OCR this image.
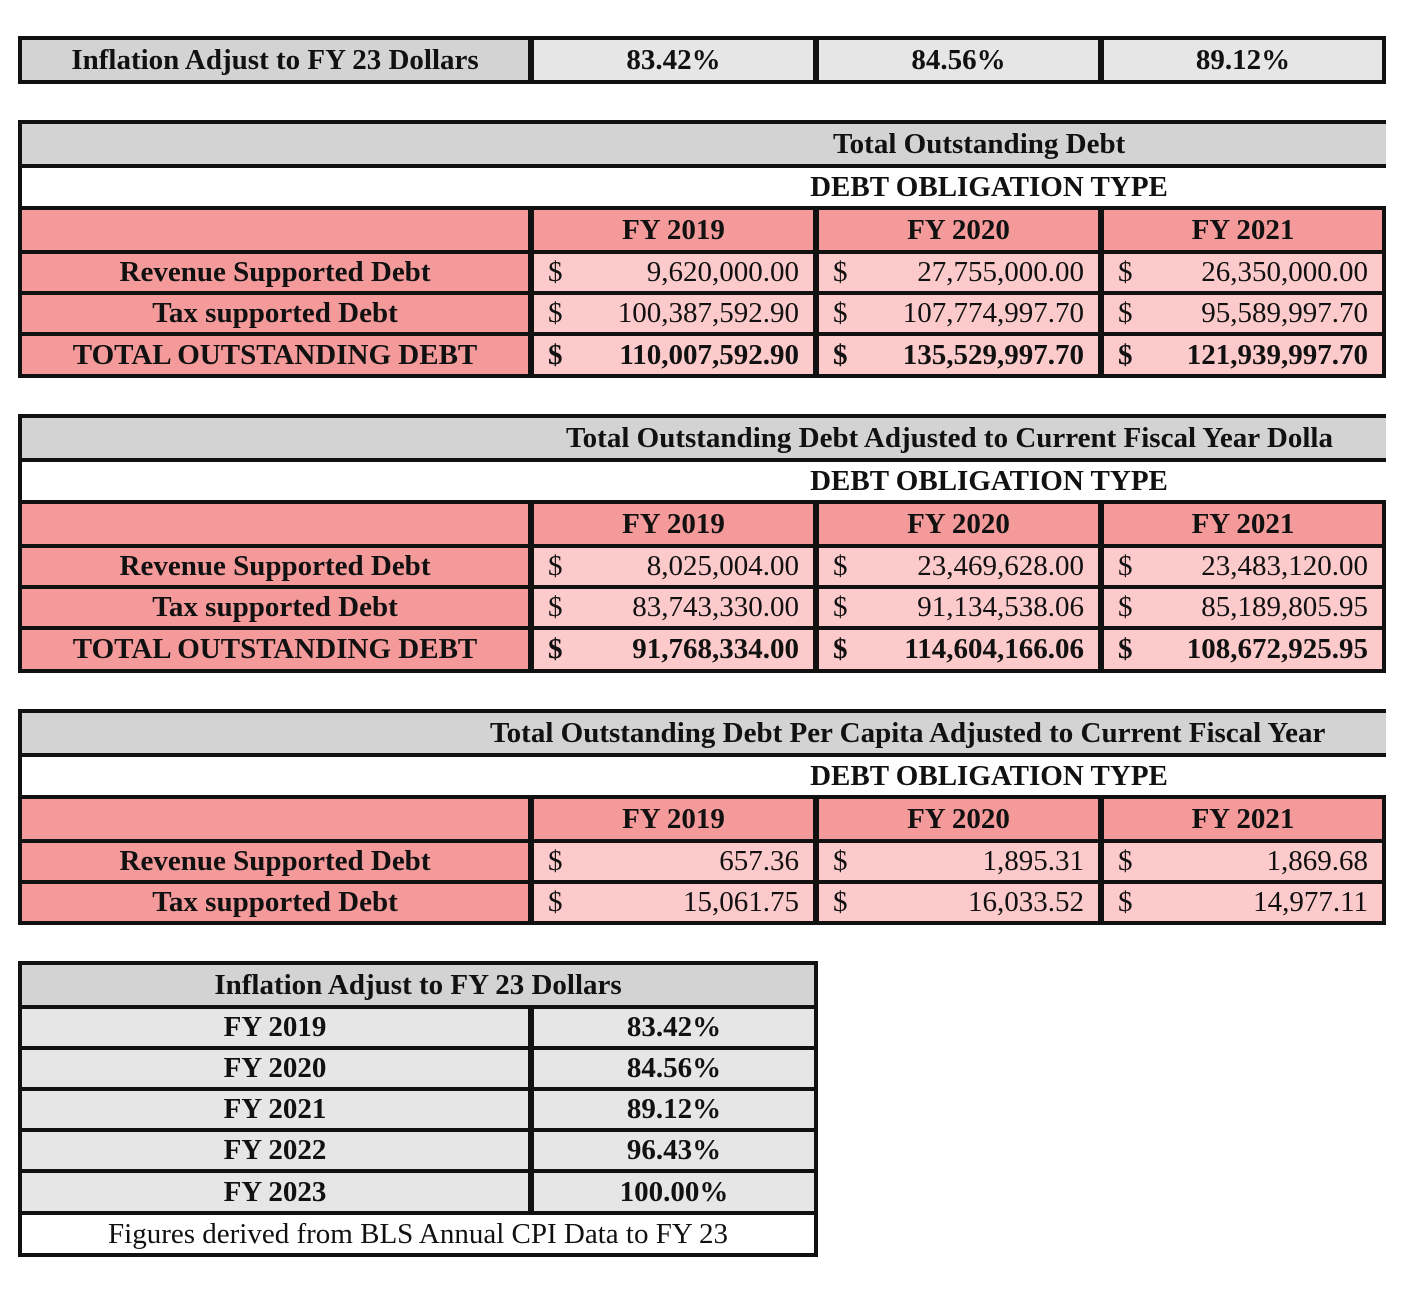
Inflation Adjust to FY 23 Dollars	83.42%	84.56%	89.12%
Total Outstanding Debt
DEBT OBLIGATION TYPE
FY 2019	FY 2020	FY 2021
Revenue Supported Debt	$	9,620,000.00 $ 27,755,000.00 $ 26,350,000.00
Tax supported Debt	$ 100,387,592.90 $ 107,774,997.70 $ 95,589,997.70
TOTAL OUTSTANDING DEBT	$ 110,007,592.90 $ 135,529,997.70 $ 121,939,997.70
Total Outstanding Debt Adjusted to Current Fiscal Year Dolla
DEBT OBLIGATION TYPE
FY 2019	FY 2020	FY 2021
Revenue Supported Debt	$	8,025,004.00 $ 23,469,628.00 $ 23,483,120.00
Tax supported Debt	$ 83,743,330.00 $ 91,134,538.06 $ 85,189,805.95
TOTAL OUTSTANDING DEBT	$ 91,768,334.00 $ 114,604,166.06 $ 108,672,925.95
Total Outstanding Debt Per Capita Adjusted to Current Fiscal Year
DEBT OBLIGATION TYPE
FY 2019	FY 2020	FY 2021
Revenue Supported Debt	$	657.36 $	1,895.31 $	1,869.68
Tax supported Debt	$	15,061.75 $	16,033.52 $	14,977.11
Inflation Adjust to FY 23 Dollars
FY 2019	83.42%
FY 2020	84.56%
FY 2021	89.12%
FY 2022	96.43%
FY 2023	100.00%
Figures derived from BLS Annual CPI Data to FY 23
